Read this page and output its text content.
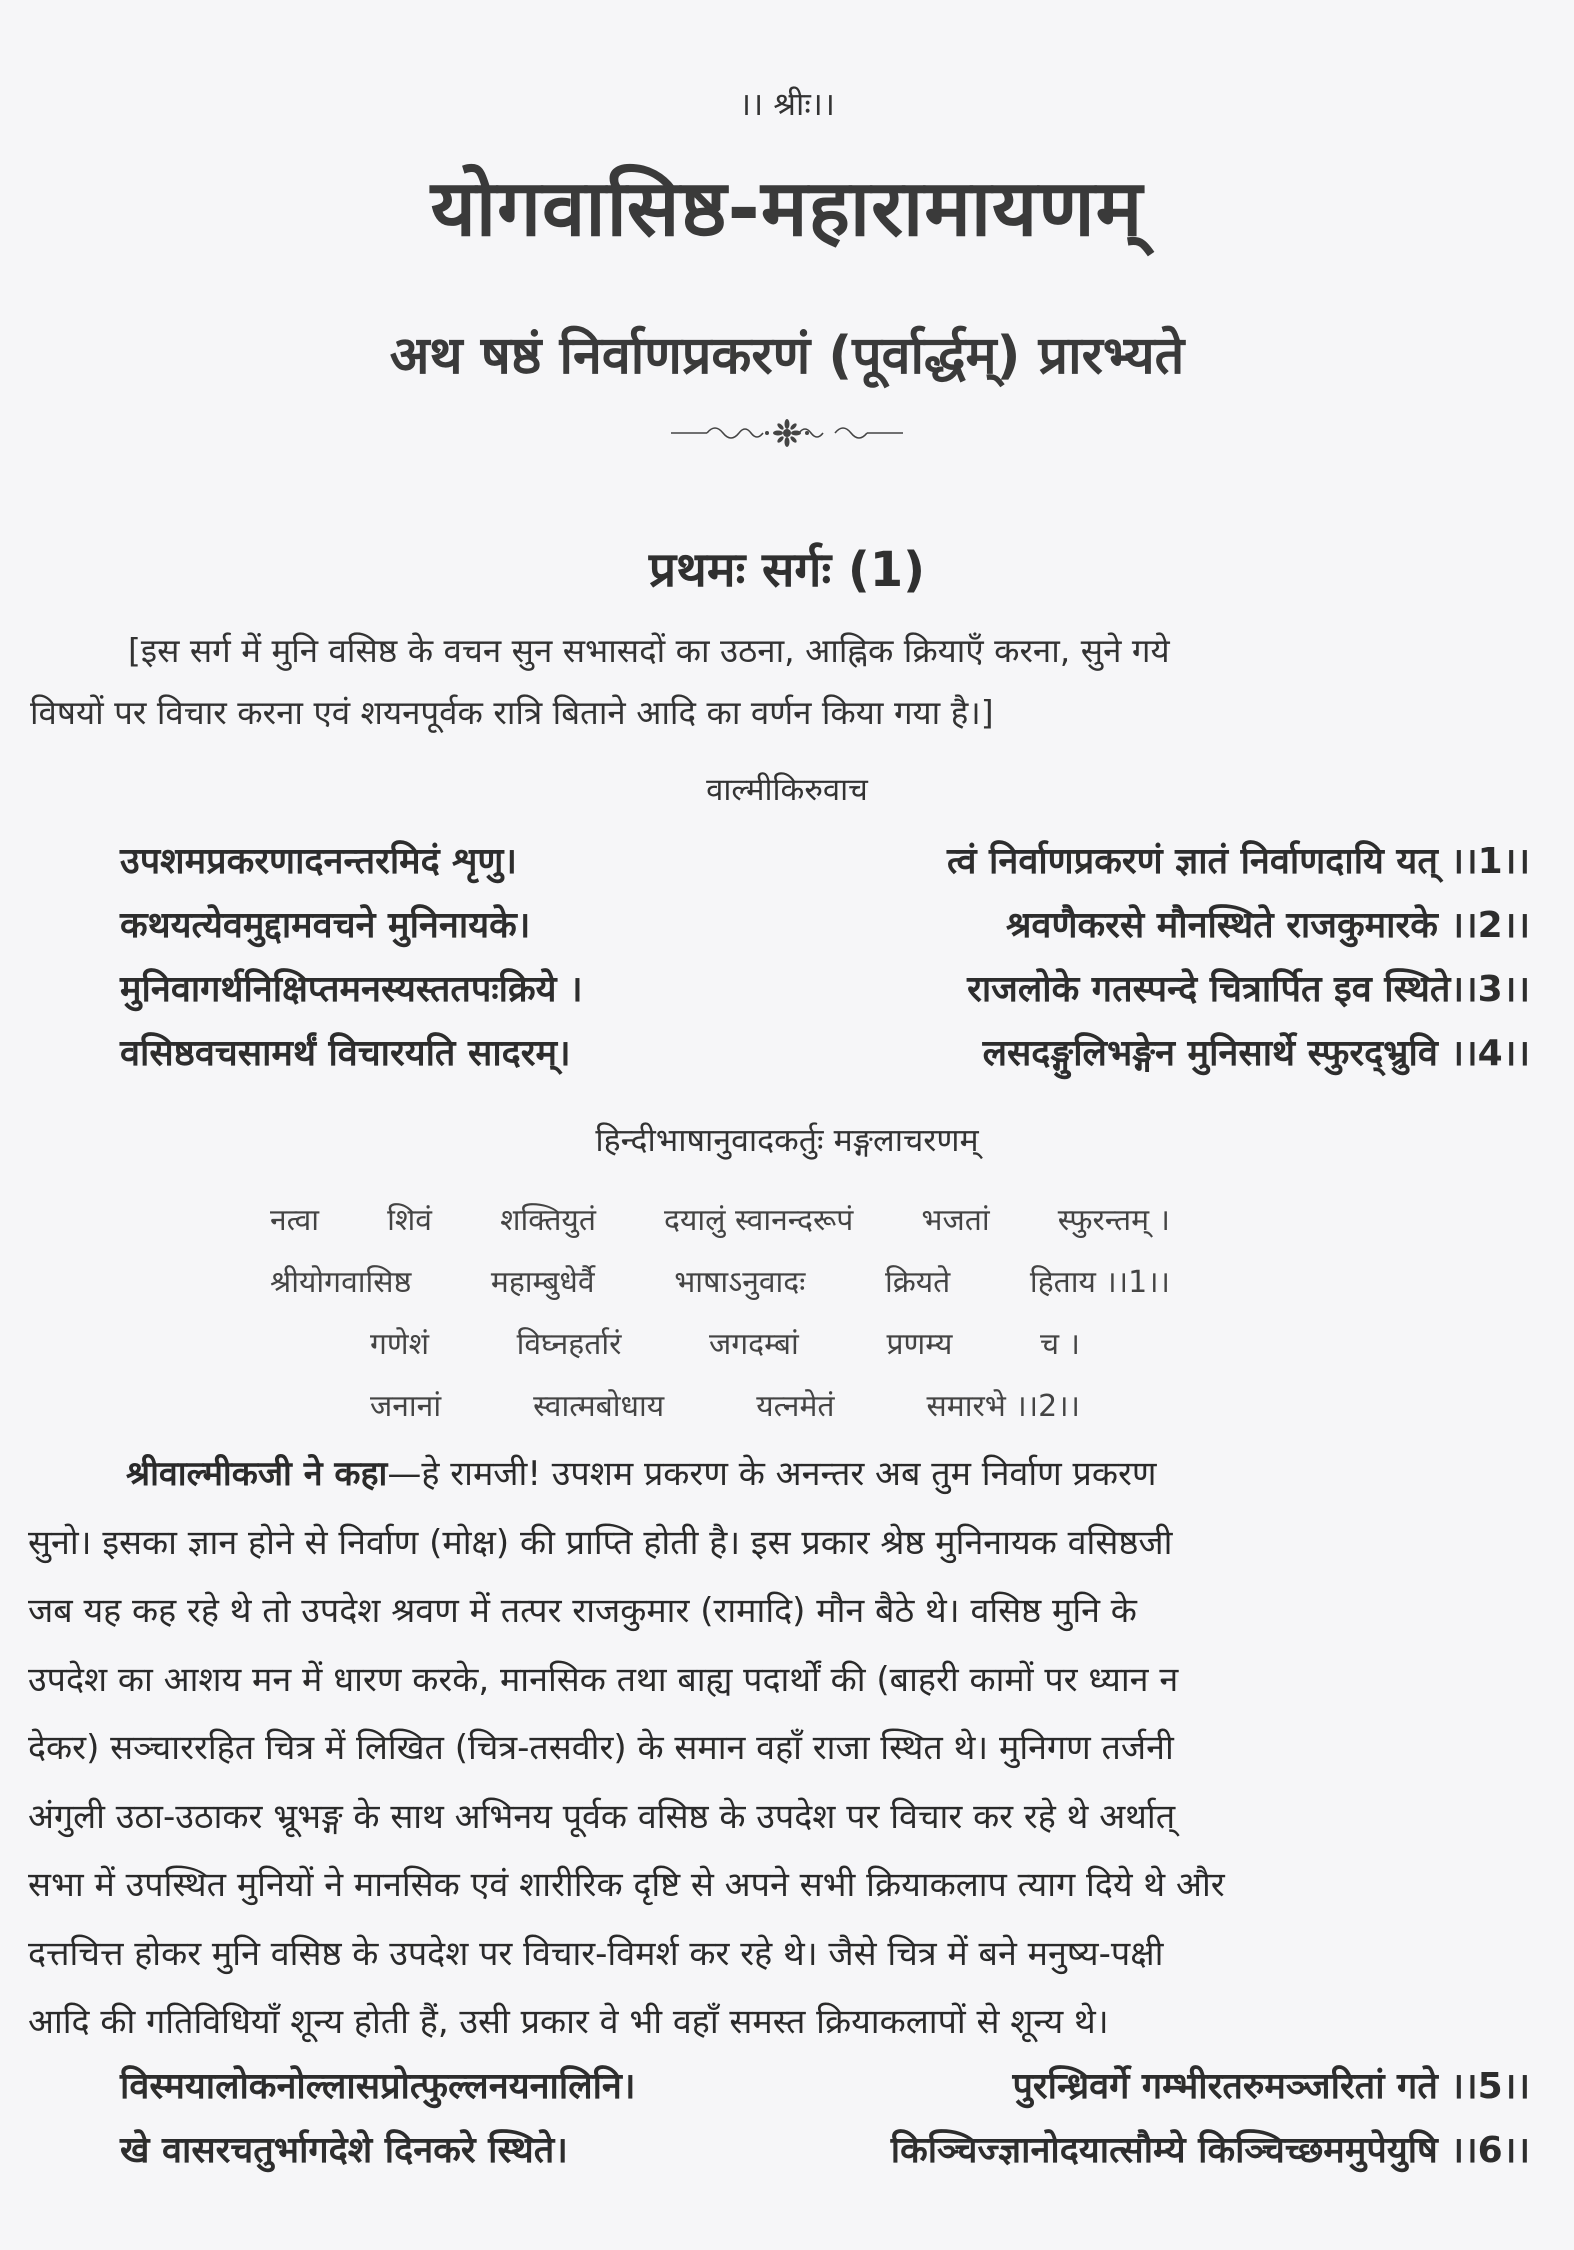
।। श्रीः।।
योगवासिष्ठ-महारामायणम्
अथ षष्ठं निर्वाणप्रकरणं (पूर्वार्द्धम्) प्रारभ्यते
प्रथमः सर्गः (1)
[इस सर्ग में मुनि वसिष्ठ के वचन सुन सभासदों का उठना, आह्निक क्रियाएँ करना, सुने गये
विषयों पर विचार करना एवं शयनपूर्वक रात्रि बिताने आदि का वर्णन किया गया है।]
वाल्मीकिरुवाच
उपशमप्रकरणादनन्तरमिदं शृणु।	त्वं निर्वाणप्रकरणं ज्ञातं निर्वाणदायि यत् ।।1।।
कथयत्येवमुद्दामवचने मुनिनायके।	श्रवणैकरसे मौनस्थिते राजकुमारके ।।2।।
मुनिवागर्थनिक्षिप्तमनस्यस्ततपःक्रिये ।	राजलोके गतस्पन्दे चित्रार्पित इव स्थिते।।3।।
वसिष्ठवचसामर्थं विचारयति सादरम्।	लसदङ्गुलिभङ्गेन मुनिसार्थे स्फुरद्भ्रुवि ।।4।।
हिन्दीभाषानुवादकर्तुः मङ्गलाचरणम्
नत्वा शिवं शक्तियुतं दयालुं स्वानन्दरूपं भजतां स्फुरन्तम् ।
श्रीयोगवासिष्ठ	महाम्बुधेर्वै	भाषाऽनुवादः	क्रियते	हिताय ।।1।।
गणेशं	विघ्नहर्तारं	जगदम्बां	प्रणम्य	च ।
जनानां	स्वात्मबोधाय	यत्नमेतं	समारभे ।।2।।
श्रीवाल्मीकजी ने कहा —हे रामजी! उपशम प्रकरण के अनन्तर अब तुम निर्वाण प्रकरण
सुनो। इसका ज्ञान होने से निर्वाण (मोक्ष) की प्राप्ति होती है। इस प्रकार श्रेष्ठ मुनिनायक वसिष्ठजी
जब यह कह रहे थे तो उपदेश श्रवण में तत्पर राजकुमार (रामादि) मौन बैठे थे। वसिष्ठ मुनि के
उपदेश का आशय मन में धारण करके, मानसिक तथा बाह्य पदार्थों की (बाहरी कामों पर ध्यान न
देकर) सञ्चाररहित चित्र में लिखित (चित्र-तसवीर) के समान वहाँ राजा स्थित थे। मुनिगण तर्जनी
अंगुली उठा-उठाकर भ्रूभङ्ग के साथ अभिनय पूर्वक वसिष्ठ के उपदेश पर विचार कर रहे थे अर्थात्
सभा में उपस्थित मुनियों ने मानसिक एवं शारीरिक दृष्टि से अपने सभी क्रियाकलाप त्याग दिये थे और
दत्तचित्त होकर मुनि वसिष्ठ के उपदेश पर विचार-विमर्श कर रहे थे। जैसे चित्र में बने मनुष्य-पक्षी
आदि की गतिविधियाँ शून्य होती हैं, उसी प्रकार वे भी वहाँ समस्त क्रियाकलापों से शून्य थे।
विस्मयालोकनोल्लासप्रोत्फुल्लनयनालिनि।	पुरन्ध्रिवर्गे गम्भीरतरुमञ्जरितां गते ।।5।।
खे वासरचतुर्भागदेशे दिनकरे स्थिते।	किञ्चिज्ज्ञानोदयात्सौम्ये किञ्चिच्छममुपेयुषि ।।6।।
